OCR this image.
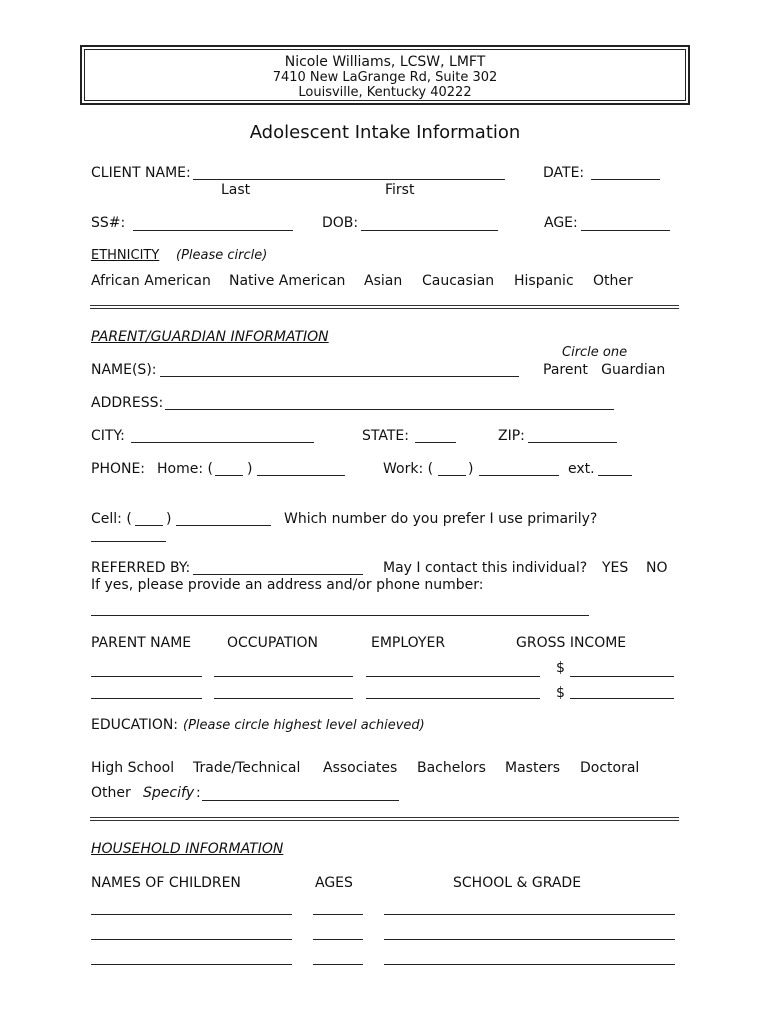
Nicole Williams, LCSW, LMFT
7410 New LaGrange Rd, Suite 302
Louisville, Kentucky 40222
Adolescent Intake Information
CLIENT NAME:	DATE:
Last	First
SS#:	DOB:	AGE:
ETHNICITY (Please circle)
African American Native American Asian Caucasian Hispanic Other
PARENT/GUARDIAN INFORMATION
Circle one
NAME(S):	Parent   Guardian
ADDRESS:
CITY:	STATE:	ZIP:
PHONE: Home: ( )	Work: ( )	ext.
Cell: ( )	Which number do you prefer I use primarily?
REFERRED BY:	May I contact this individual? YES NO
If yes, please provide an address and/or phone number:
PARENT NAME	OCCUPATION	EMPLOYER	GROSS INCOME
$
$
EDUCATION: (Please circle highest level achieved)
High School Trade/Technical Associates Bachelors Masters Doctoral
Other Specify :
HOUSEHOLD INFORMATION
NAMES OF CHILDREN	AGES	SCHOOL & GRADE
